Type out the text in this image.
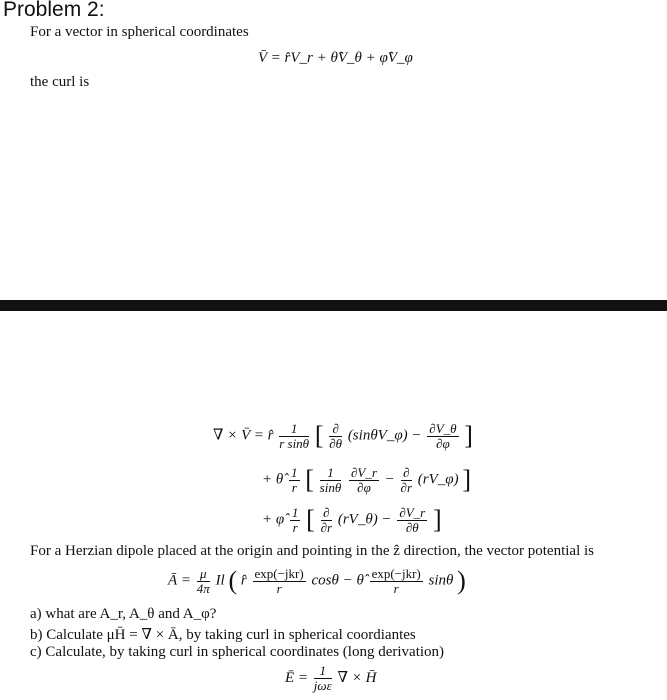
Problem 2:
For a vector in spherical coordinates
V̄ = r̂V_r + θ̂V_θ + φ̂V_φ
the curl is
∇ × V̄ = r̂ $\frac{1}{\text{r sinθ}}$ [ $\frac{\partial}{\partial\theta}$ (sinθV_φ) − $\frac{\partial V\_\theta}{\partial\varphi}$ ]
+ θ̂ $\frac{1}{r}$ [ $\frac{1}{\sin\theta}$
$\frac{\partial V\_r}{\partial\varphi} - \frac{\partial}{\partial r}$ (rV_φ) ]
+ φ̂ $\frac{1}{r}$ [ $\frac{\partial}{\partial r}$ (rV_θ) − $\frac{\partial V\_r}{\partial\theta}$ ]
For a Herzian dipole placed at the origin and pointing in the ẑ direction, the vector potential is
Ā = $\frac{\mu}{4\pi}$ Il ( r̂ $\frac{\text{exp(−jkr)}}{r}$ cosθ − θ̂ $\frac{\text{exp(−jkr)}}{r}$ sinθ )
a) what are A_r, A_θ and A_φ?
b) Calculate μH̄ = ∇ × Ā, by taking curl in spherical coordiantes
c) Calculate, by taking curl in spherical coordinates (long derivation)
Ē = $\frac{1}{\text{jωε}}$ ∇ × H̄
